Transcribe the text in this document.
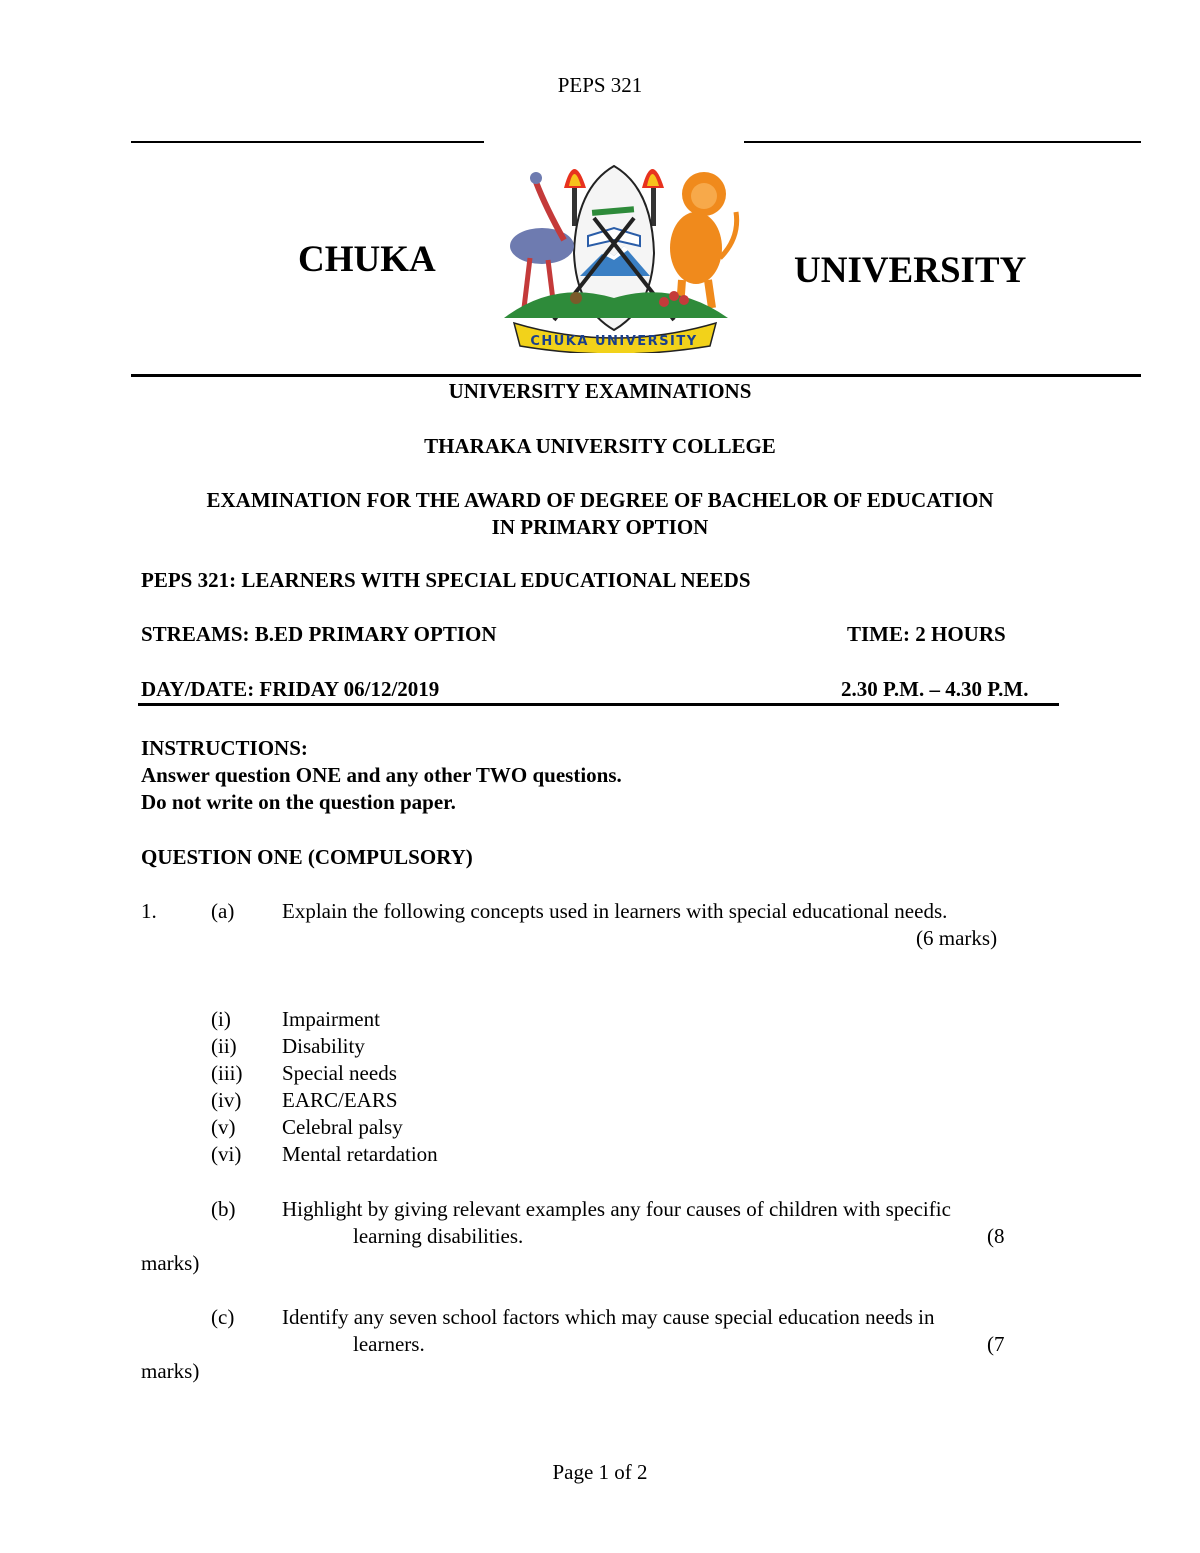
PEPS 321
CHUKA	UNIVERSITY
CHUKA UNIVERSITY
UNIVERSITY EXAMINATIONS
THARAKA UNIVERSITY COLLEGE
EXAMINATION FOR THE AWARD OF DEGREE OF BACHELOR OF EDUCATION
IN PRIMARY OPTION
PEPS 321: LEARNERS WITH SPECIAL EDUCATIONAL NEEDS
STREAMS: B.ED PRIMARY OPTION	TIME: 2 HOURS
DAY/DATE: FRIDAY 06/12/2019	2.30 P.M. – 4.30 P.M.
INSTRUCTIONS:
Answer question ONE and any other TWO questions.
Do not write on the question paper.
QUESTION ONE (COMPULSORY)
1.	(a) Explain the following concepts used in learners with special educational needs.
(6 marks)
(i) Impairment
(ii) Disability
(iii) Special needs
(iv) EARC/EARS
(v) Celebral palsy
(vi) Mental retardation
(b) Highlight by giving relevant examples any four causes of children with specific
learning disabilities.	(8
marks)
(c) Identify any seven school factors which may cause special education needs in
learners.	(7
marks)
Page 1 of 2
